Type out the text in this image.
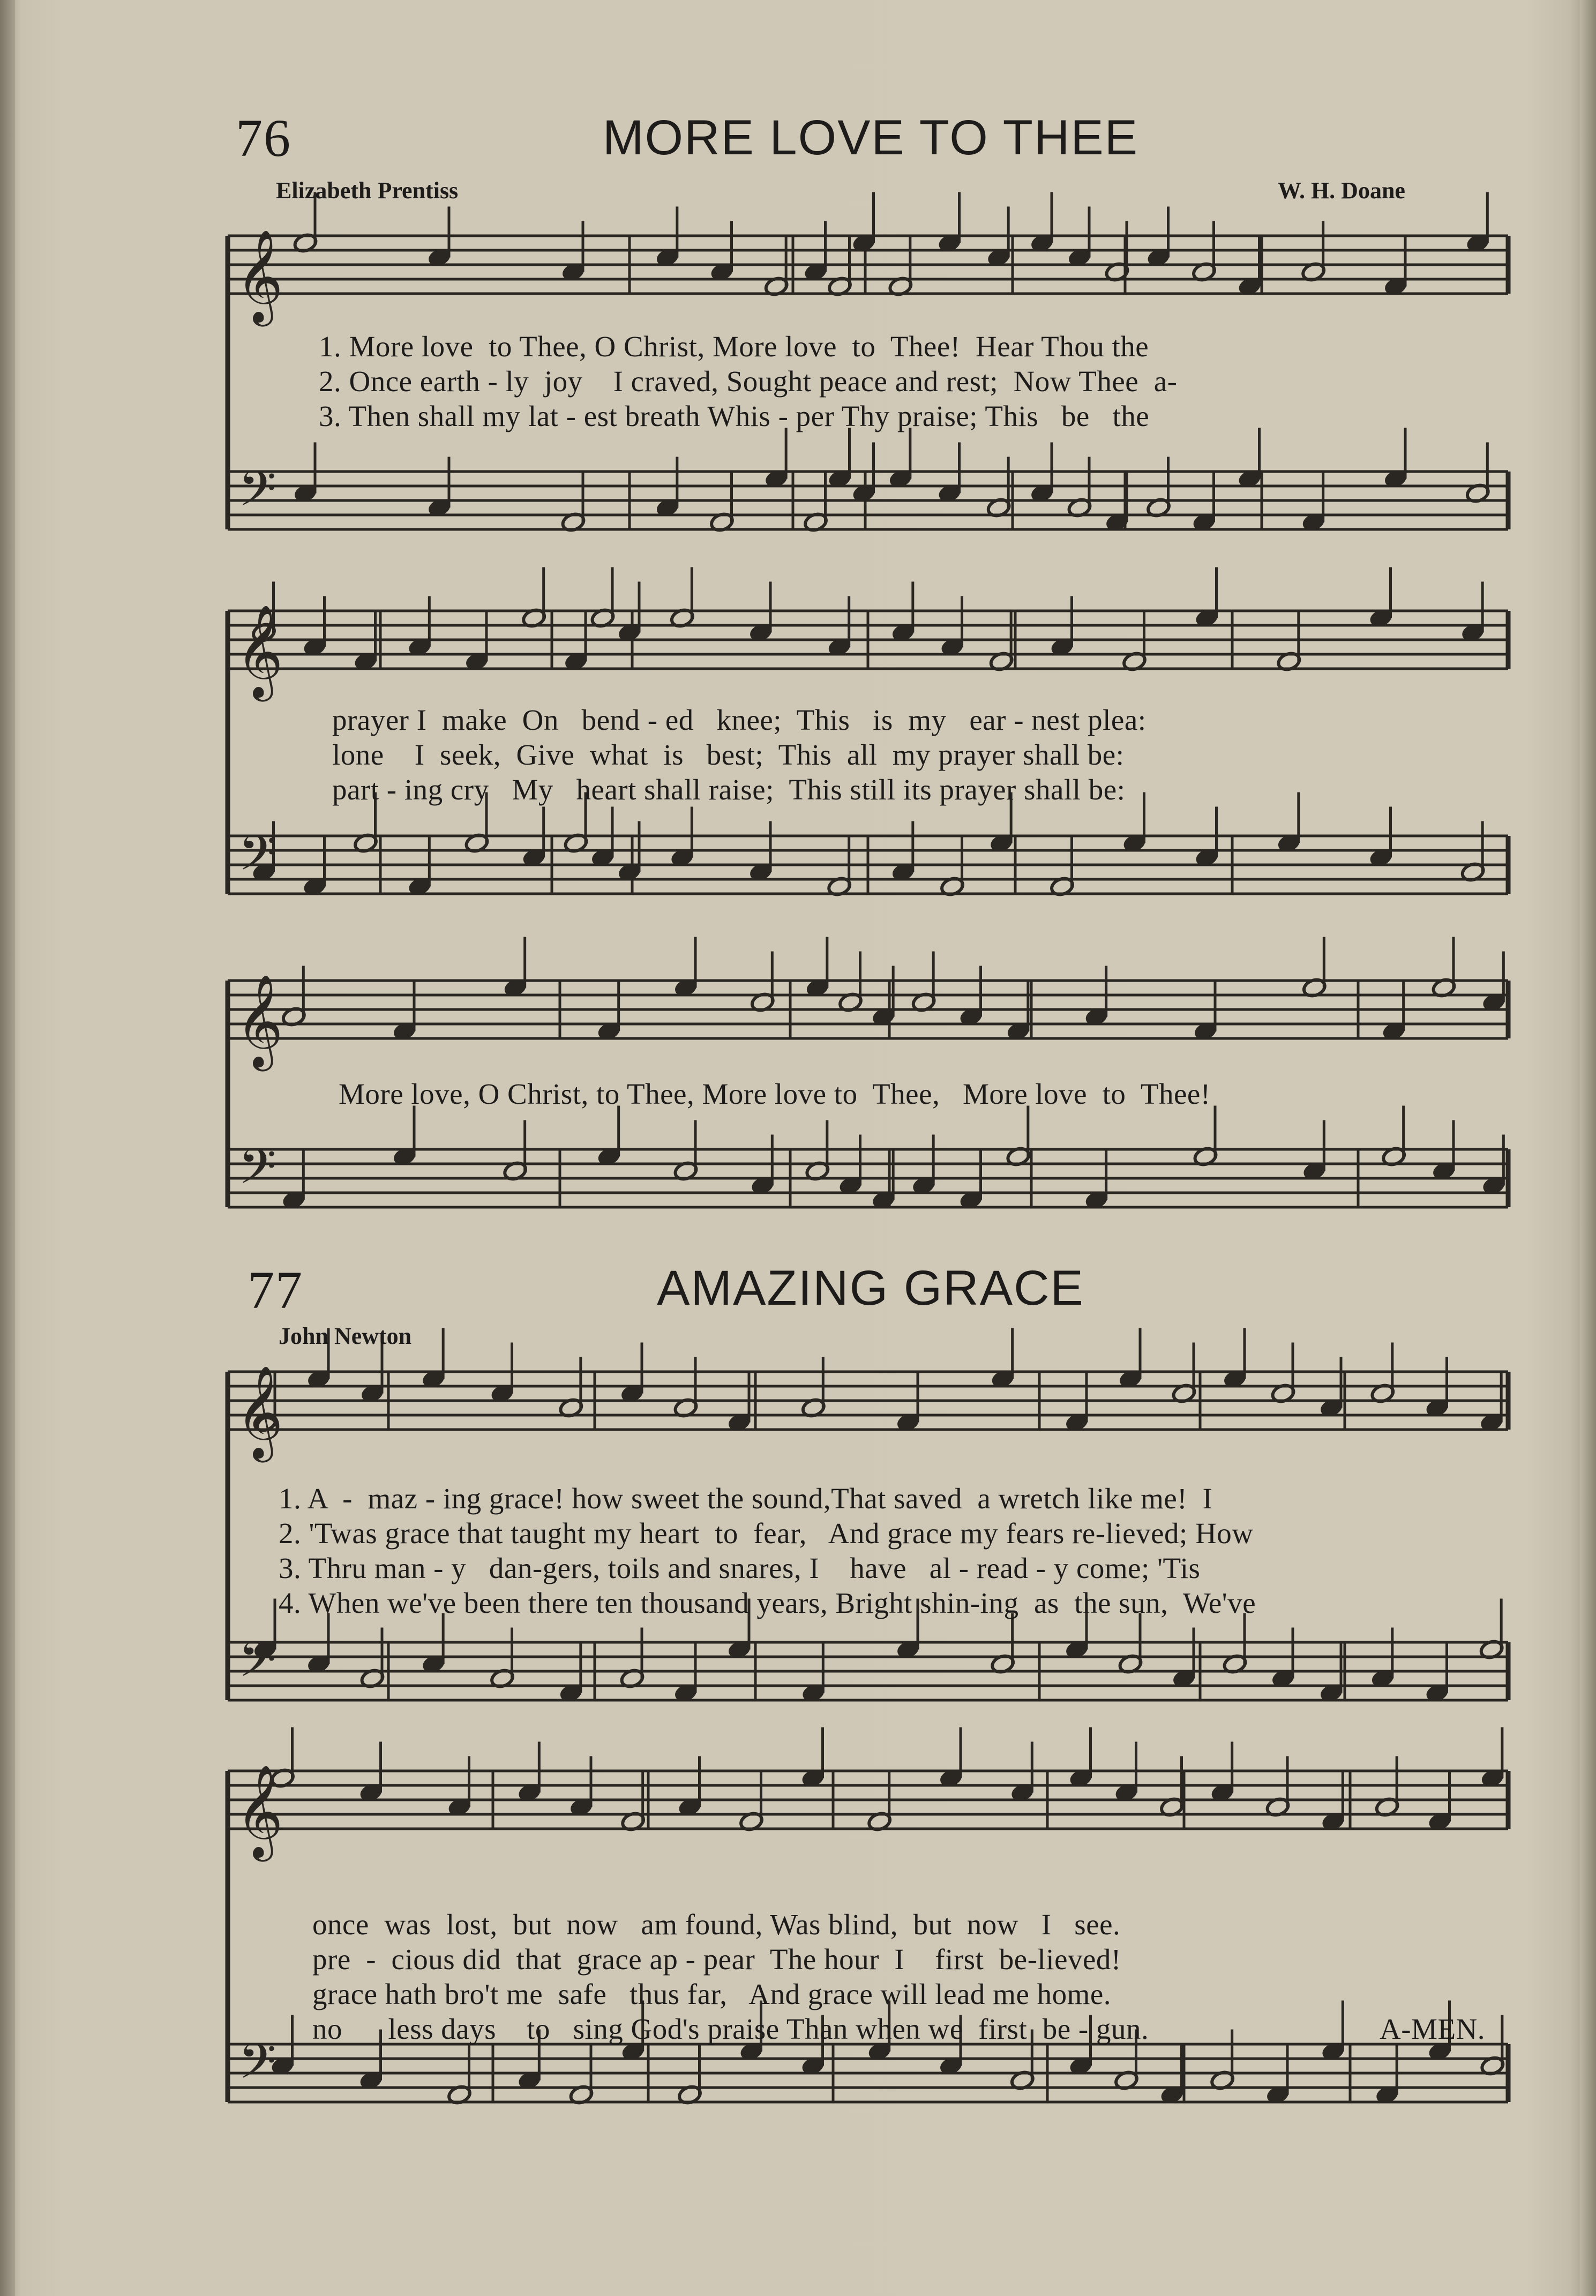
𝄞
𝄢
𝄞
𝄢
𝄞
𝄢
𝄞
𝄢
𝄞
𝄢
76	MORE LOVE TO THEE
Elizabeth Prentiss	W. H. Doane
1. More love  to Thee, O Christ, More love  to  Thee!  Hear Thou the
2. Once earth - ly  joy    I craved, Sought peace and rest;  Now Thee  a-
3. Then shall my lat - est breath Whis - per Thy praise; This   be   the
prayer I  make  On   bend - ed   knee;  This   is  my   ear - nest plea:
lone    I  seek,  Give  what  is   best;  This  all  my prayer shall be:
part - ing cry   My   heart shall raise;  This still its prayer shall be:
More love, O Christ, to Thee, More love to  Thee,   More love  to  Thee!
77	AMAZING GRACE
John Newton
1. A  -  maz - ing grace! how sweet the sound,That saved  a wretch like me!  I
2. 'Twas grace that taught my heart  to  fear,   And grace my fears re-lieved; How
3. Thru man - y   dan-gers, toils and snares, I    have   al - read - y come; 'Tis
4. When we've been there ten thousand years, Bright shin-ing  as  the sun,  We've
once  was  lost,  but  now   am found, Was blind,  but  now   I   see.
pre  -  cious did  that  grace ap - pear  The hour  I    first  be-lieved!
grace hath bro't me  safe   thus far,   And grace will lead me home.
no      less days    to   sing God's praise Than when we  first  be - gun.	A-MEN.
